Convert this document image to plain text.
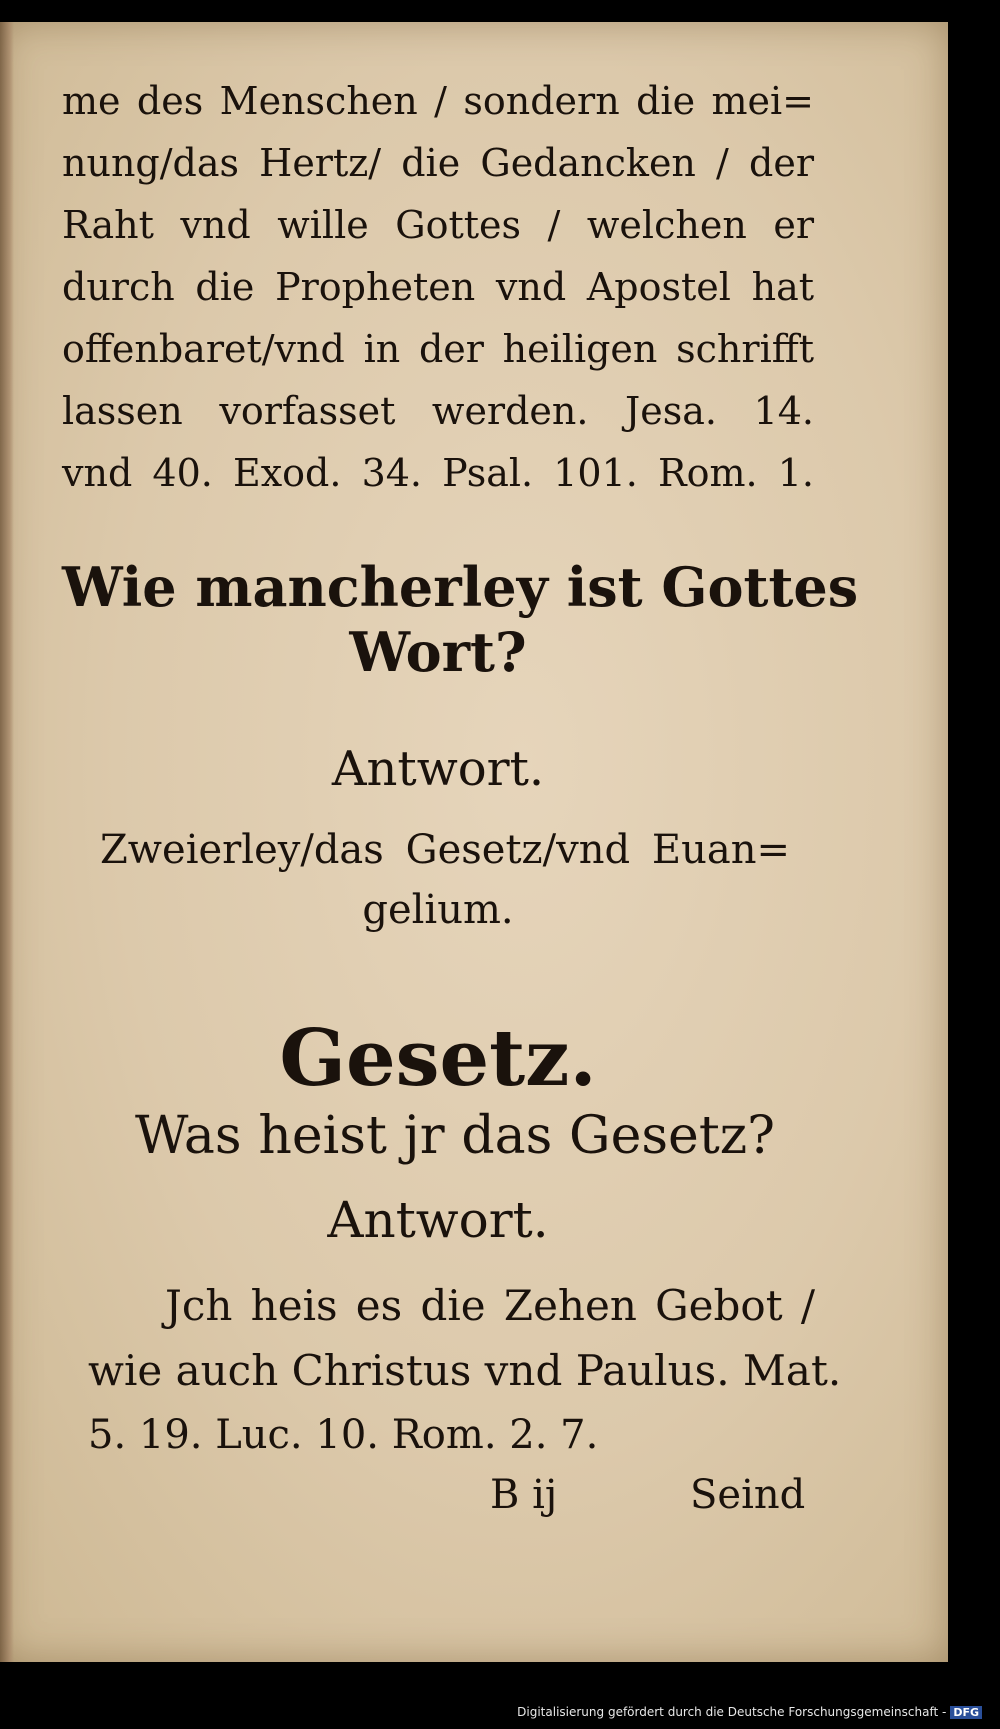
me des Menschen / sondern die mei=

nung/das Hertz/ die Gedancken / der

Raht vnd wille Gottes / welchen er

durch die Propheten vnd Apostel hat

offenbaret/vnd in der heiligen schrifft

lassen vorfasset werden. Jesa. 14.

vnd 40. Exod. 34. Psal. 101. Rom. 1.

Wie mancherley ist Gottes

Wort?

Antwort.

Zweierley/das Gesetz/vnd Euan=

gelium.

Gesetz.

Was heist jr das Gesetz?

Antwort.

Jch heis es die Zehen Gebot /

wie auch Christus vnd Paulus. Mat.

5. 19. Luc. 10. Rom. 2. 7.

B ij	Seind

Digitalisierung gefördert durch die Deutsche Forschungsgemeinschaft - DFG
